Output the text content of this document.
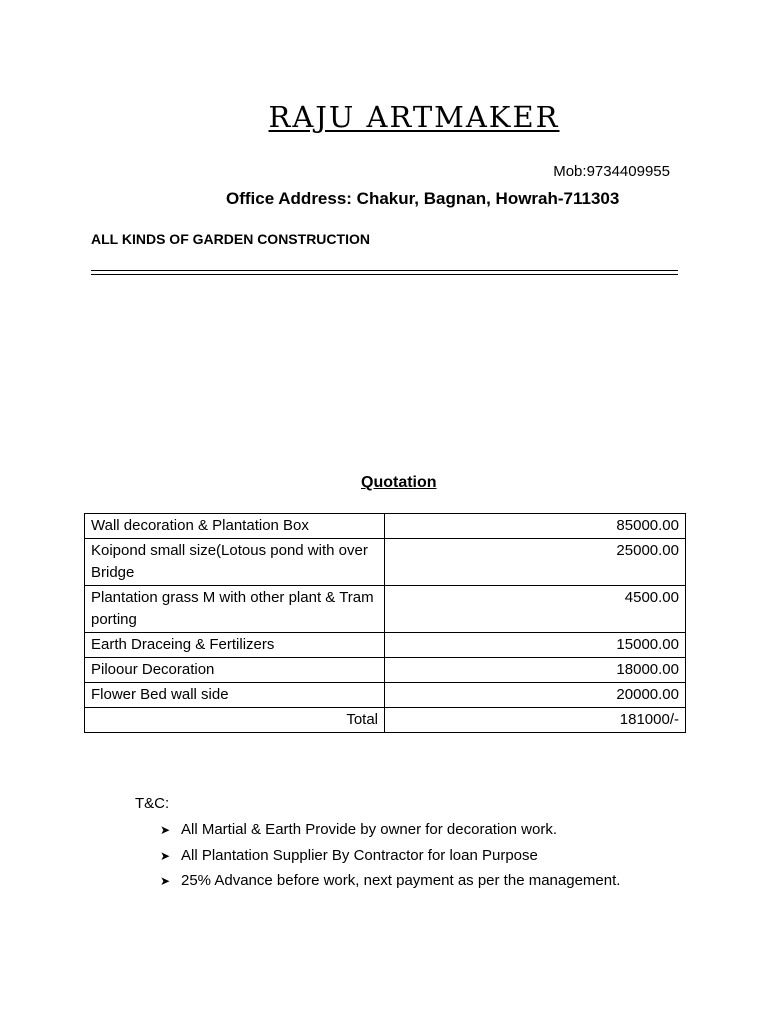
RAJU ARTMAKER
Mob:9734409955
Office Address: Chakur, Bagnan, Howrah-711303
ALL KINDS OF GARDEN CONSTRUCTION
Quotation
Wall decoration & Plantation Box	85000.00
Koipond small size(Lotous pond with over Bridge	25000.00
Plantation grass M with other plant & Tram porting	4500.00
Earth Draceing & Fertilizers	15000.00
Piloour Decoration	18000.00
Flower Bed wall side	20000.00
Total	181000/-
T&C:
➤ All Martial & Earth Provide by owner for decoration work.
➤ All Plantation Supplier By Contractor for loan Purpose
➤ 25% Advance before work, next payment as per the management.
